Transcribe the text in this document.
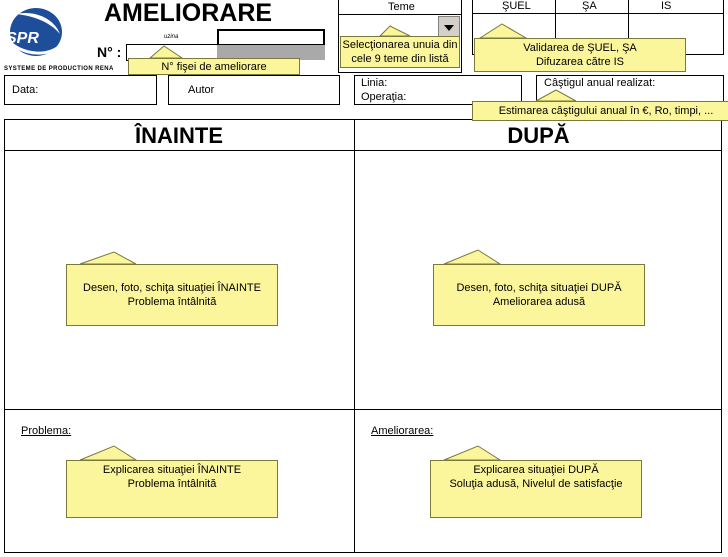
SPR
SYSTEME DE PRODUCTION RENA
AMELIORARE
N° :
uzina
Teme	ŞUEL	ŞA	IS
Data:	Autor
Linia:
Operaţia:
Câştigul anual realizat:
ÎNAINTE	DUPĂ
Problema:	Ameliorarea:
N° fişei de ameliorare
Selecţionarea unuia din
cele 9 teme din listă
Validarea de ŞUEL, ŞA
Difuzarea către IS
Estimarea câştigului anual în €, Ro, timpi, ...
Desen, foto, schiţa situaţiei ÎNAINTE
Problema întâlnită
Desen, foto, schiţa situaţiei DUPĂ
Ameliorarea adusă
Explicarea situaţiei ÎNAINTE
Problema întâlnită
Explicarea situaţiei DUPĂ
Soluţia adusă, Nivelul de satisfacţie
